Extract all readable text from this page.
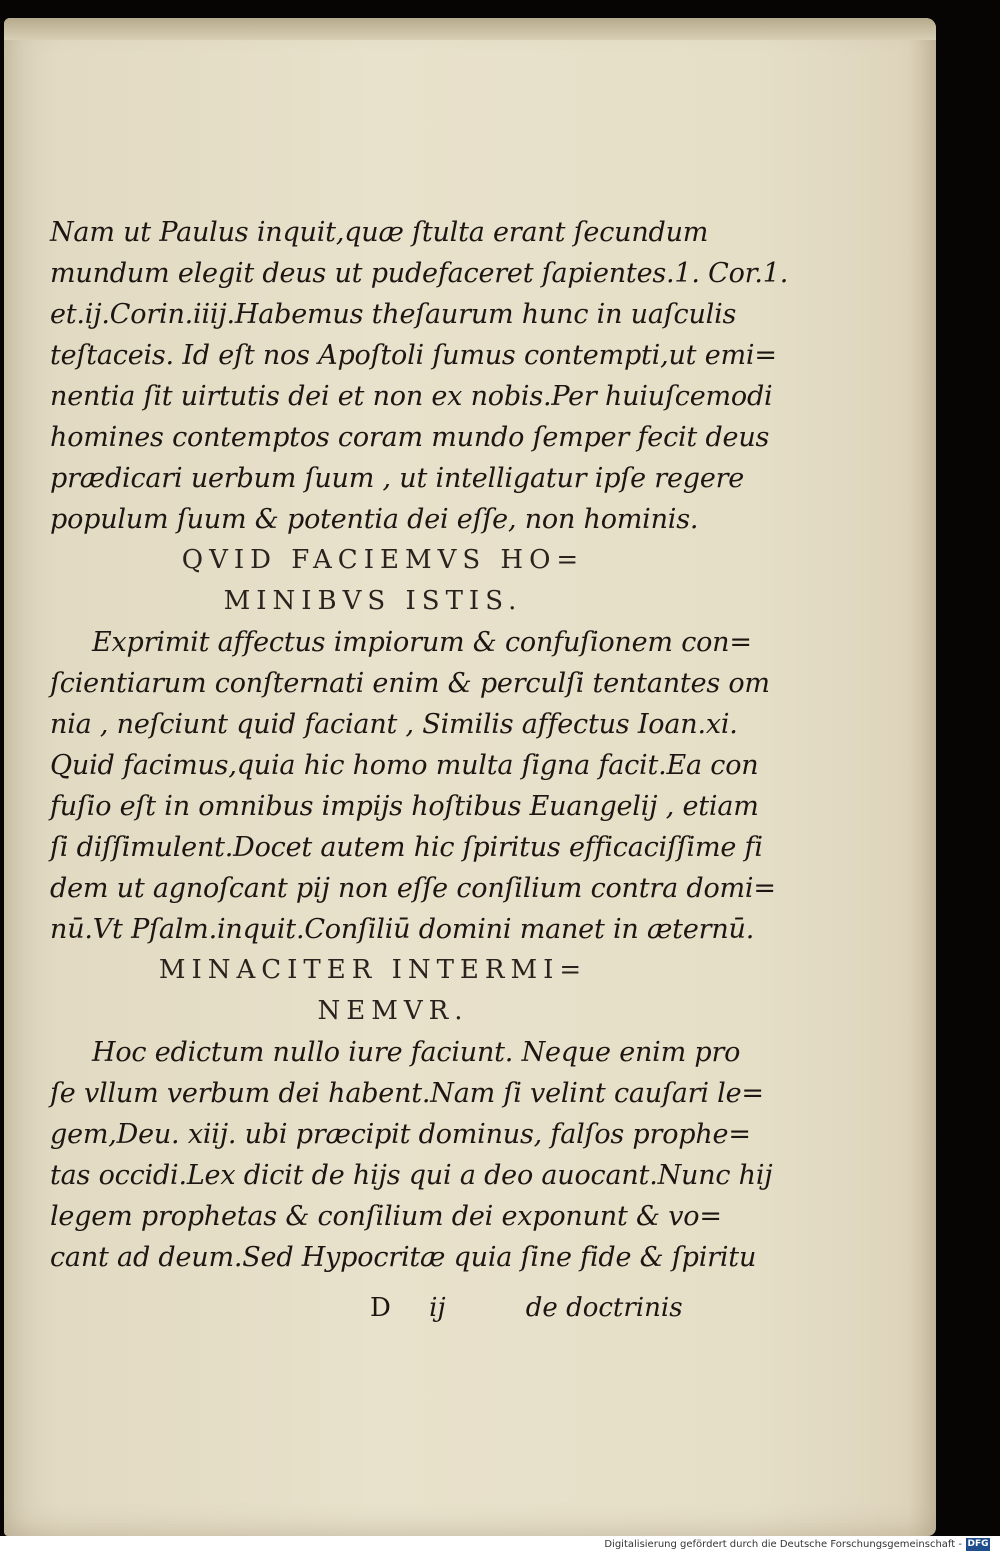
Nam ut Paulus inquit,quæ ſtulta erant ſecundum
mundum elegit deus ut pudefaceret ſapientes.1. Cor.1.
et.ij.Corin.iiij.Habemus theſaurum hunc in uaſculis
teſtaceis. Id eſt nos Apoſtoli ſumus contempti,ut emi=
nentia ſit uirtutis dei et non ex nobis.Per huiuſcemodi
homines contemptos coram mundo ſemper fecit deus
prædicari uerbum ſuum , ut intelligatur ipſe regere
populum ſuum & potentia dei eſſe, non hominis.
QVID FACIEMVS HO=
MINIBVS ISTIS.
Exprimit affectus impiorum & confuſionem con=
ſcientiarum conſternati enim & perculſi tentantes om
nia , neſciunt quid faciant , Similis affectus Ioan.xi.
Quid facimus,quia hic homo multa ſigna facit.Ea con
fuſio eſt in omnibus impijs hoſtibus Euangelij , etiam
ſi diſſimulent.Docet autem hic ſpiritus efficaciſſime fi
dem ut agnoſcant pij non eſſe conſilium contra domi=
nū.Vt Pſalm.inquit.Conſiliū domini manet in æternū.
MINACITER INTERMI=
NEMVR.
Hoc edictum nullo iure faciunt. Neque enim pro
ſe vllum verbum dei habent.Nam ſi velint cauſari le=
gem,Deu. xiij. ubi præcipit dominus, falſos prophe=
tas occidi.Lex dicit de hijs qui a deo auocant.Nunc hij
legem prophetas & conſilium dei exponunt & vo=
cant ad deum.Sed Hypocritæ quia ſine fide & ſpiritu
D ij	de doctrinis
Digitalisierung gefördert durch die Deutsche Forschungsgemeinschaft - DFG
